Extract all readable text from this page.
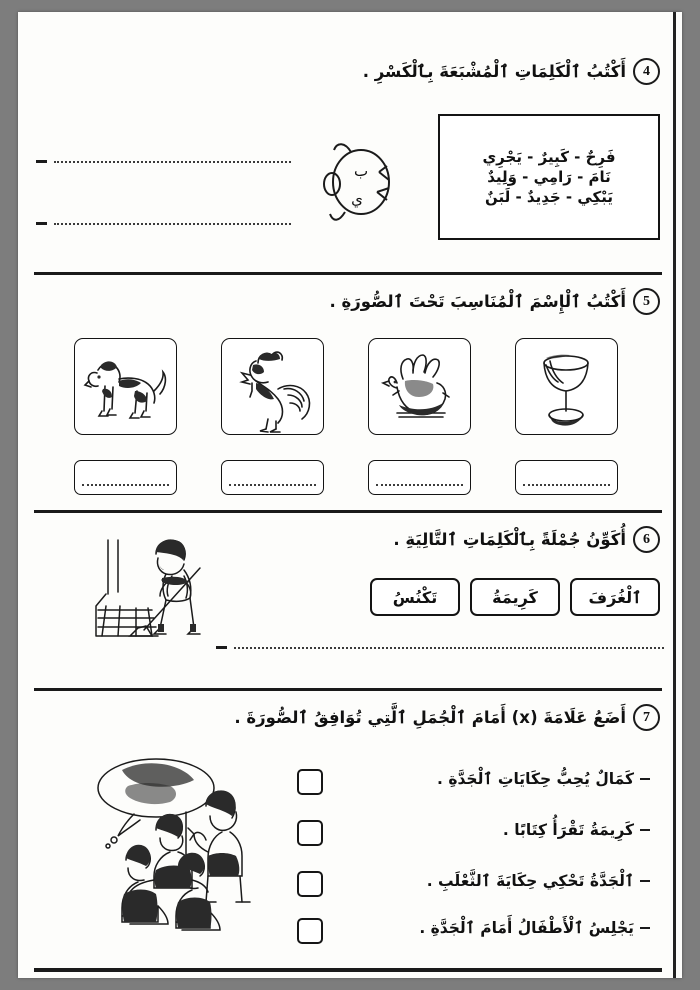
4
أَكْتُبُ ٱلْكَلِمَاتِ ٱلْمُشْبَعَةَ بِٱلْكَسْرِ .
فَرِحٌ - كَبِيرٌ - يَجْرِي
نَامَ - رَامِي - وَلِيدٌ
يَبْكِي - جَدِيدٌ - لَبَنٌ
ب
ي
5
أَكْتُبُ ٱلْإِسْمَ ٱلْمُنَاسِبَ تَحْتَ ٱلصُّورَةِ .
6
أُكَوِّنُ جُمْلَةً بِٱلْكَلِمَاتِ ٱلتَّالِيَةِ .
ٱلْغُرَفَ
كَرِيمَةُ
تَكْنُسُ
7
أَضَعُ عَلَامَةَ (x) أَمَامَ ٱلْجُمَلِ ٱلَّتِي تُوَافِقُ ٱلصُّورَةَ .
كَمَالٌ يُحِبُّ حِكَايَاتِ ٱلْجَدَّةِ .
كَرِيمَةُ تَقْرَأُ كِتَابًا .
ٱلْجَدَّةُ تَحْكِي حِكَايَةَ ٱلثَّعْلَبِ .
يَجْلِسُ ٱلْأَطْفَالُ أَمَامَ ٱلْجَدَّةِ .
